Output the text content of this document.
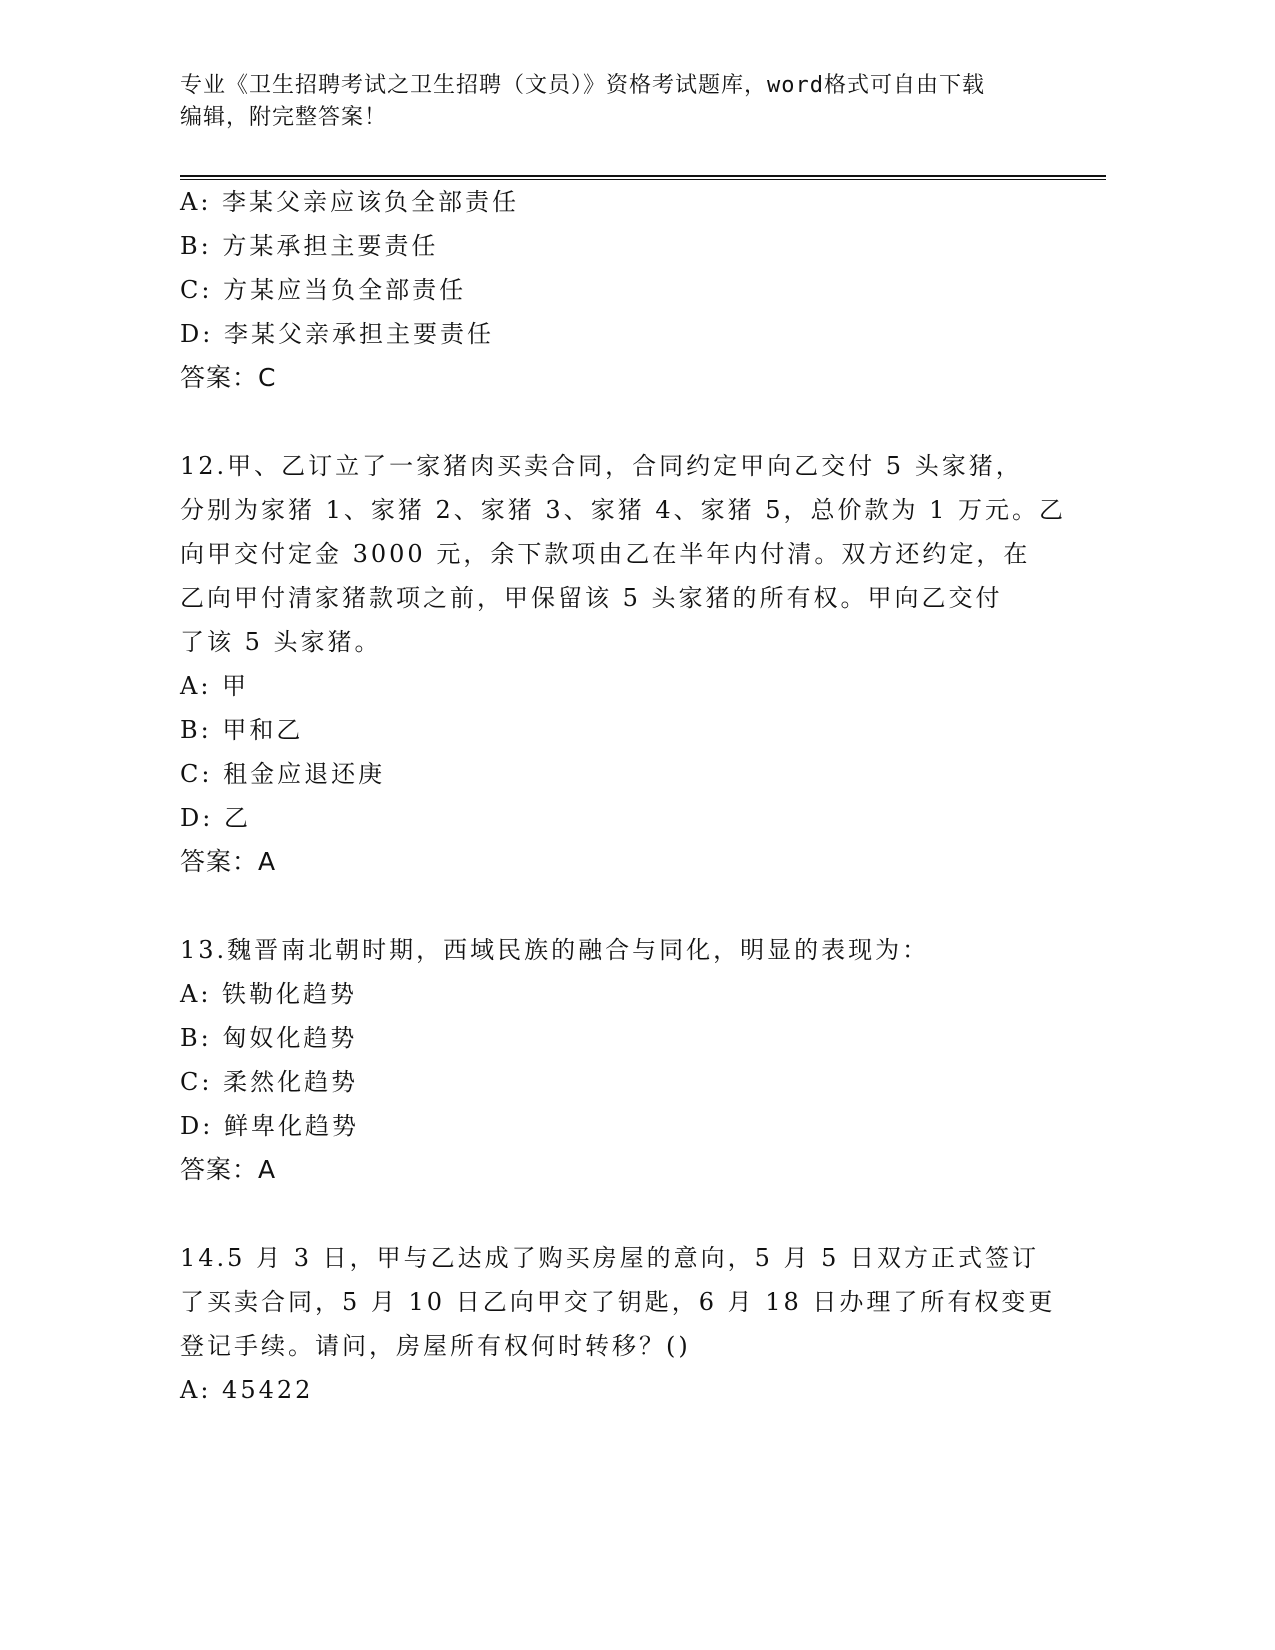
专业《卫生招聘考试之卫生招聘（文员）》资格考试题库，word格式可自由下载
编辑，附完整答案！
A: 李某父亲应该负全部责任
B: 方某承担主要责任
C: 方某应当负全部责任
D: 李某父亲承担主要责任
答案：C
12.甲、乙订立了一家猪肉买卖合同，合同约定甲向乙交付 5 头家猪，
分别为家猪 1、家猪 2、家猪 3、家猪 4、家猪 5，总价款为 1 万元。乙
向甲交付定金 3000 元，余下款项由乙在半年内付清。双方还约定，在
乙向甲付清家猪款项之前，甲保留该 5 头家猪的所有权。甲向乙交付
了该 5 头家猪。
A: 甲
B: 甲和乙
C: 租金应退还庚
D: 乙
答案：A
13.魏晋南北朝时期，西域民族的融合与同化，明显的表现为：
A: 铁勒化趋势
B: 匈奴化趋势
C: 柔然化趋势
D: 鲜卑化趋势
答案：A
14.5 月 3 日，甲与乙达成了购买房屋的意向，5 月 5 日双方正式签订
了买卖合同，5 月 10 日乙向甲交了钥匙，6 月 18 日办理了所有权变更
登记手续。请问，房屋所有权何时转移？()
A: 45422
